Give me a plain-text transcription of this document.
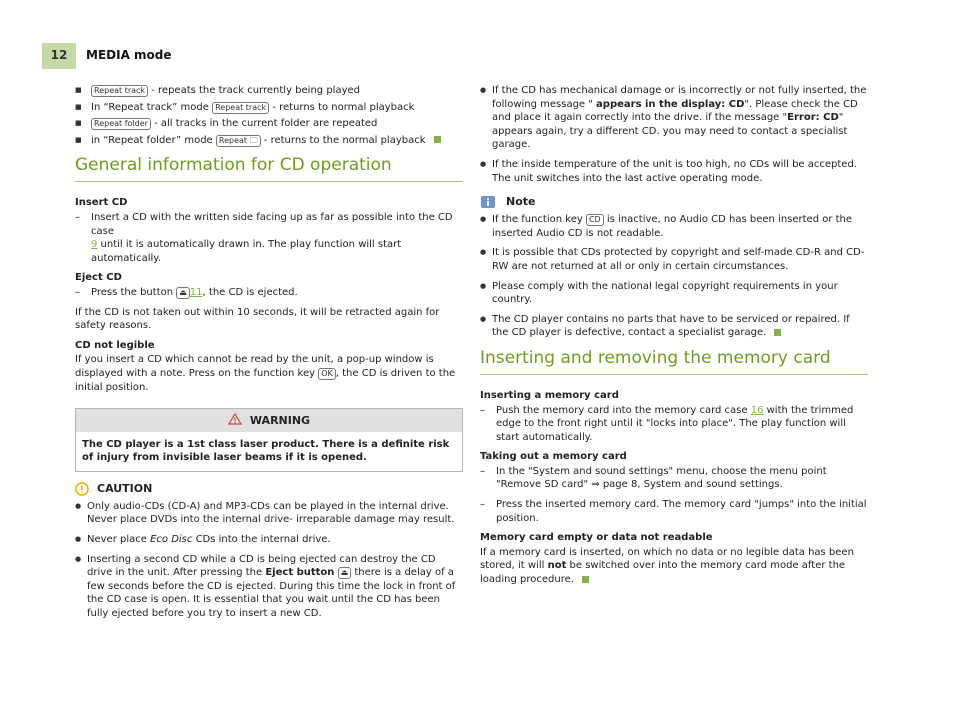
12	MEDIA mode
■ Repeat track - repeats the track currently being played
■ In “Repeat track” mode Repeat track - returns to normal playback
■ Repeat folder - all tracks in the current folder are repeated
■ in “Repeat folder” mode Repeat 🗀 - returns to the normal playback
General information for CD operation

Insert CD

– Insert a CD with the written side facing up as far as possible into the CD case
9 until it is automatically drawn in. The play function will start automatically.

Eject CD

– Press the button ⏏ 11, the CD is ejected.

If the CD is not taken out within 10 seconds, it will be retracted again for safety reasons.

CD not legible

If you insert a CD which cannot be read by the unit, a pop-up window is displayed with a note. Press on the function key OK , the CD is driven to the initial position.

WARNING
The CD player is a 1st class laser product. There is a definite risk of injury from invisible laser beams if it is opened.
CAUTION
● Only audio-CDs (CD-A) and MP3-CDs can be played in the internal drive. Never place DVDs into the internal drive- irreparable damage may result.
● Never place Eco Disc CDs into the internal drive.
● Inserting a second CD while a CD is being ejected can destroy the CD drive in the unit. After pressing the Eject button ⏏ there is a delay of a few seconds before the CD is ejected. During this time the lock in front of the CD case is open. It is essential that you wait until the CD has been fully ejected before you try to insert a new CD.
● If the CD has mechanical damage or is incorrectly or not fully inserted, the following message " appears in the display: CD". Please check the CD and place it again correctly into the drive. if the message "Error: CD" appears again, try a different CD. you may need to contact a specialist garage.
● If the inside temperature of the unit is too high, no CDs will be accepted. The unit switches into the last active operating mode.
Note
● If the function key CD is inactive, no Audio CD has been inserted or the inserted Audio CD is not readable.
● It is possible that CDs protected by copyright and self-made CD-R and CD-RW are not returned at all or only in certain circumstances.
● Please comply with the national legal copyright requirements in your country.
● The CD player contains no parts that have to be serviced or repaired. If the CD player is defective, contact a specialist garage.
Inserting and removing the memory card

Inserting a memory card

– Push the memory card into the memory card case 16 with the trimmed edge to the front right until it "locks into place". The play function will start automatically.

Taking out a memory card

– In the "System and sound settings" menu, choose the menu point "Remove SD card" ⇒ page 8, System and sound settings.
– Press the inserted memory card. The memory card "jumps" into the initial position.

Memory card empty or data not readable

If a memory card is inserted, on which no data or no legible data has been stored, it will not be switched over into the memory card mode after the loading procedure.
